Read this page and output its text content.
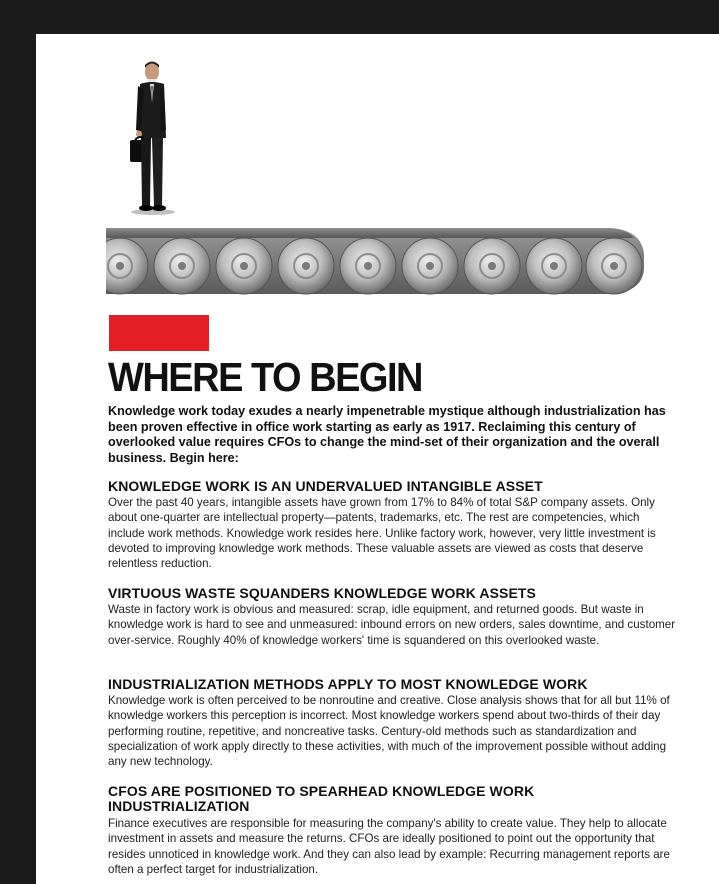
WHERE TO BEGIN

Knowledge work today exudes a nearly impenetrable mystique although industrialization has been proven effective in office work starting as early as 1917. Reclaiming this century of overlooked value requires CFOs to change the mind-set of their organization and the overall business. Begin here:

KNOWLEDGE WORK IS AN UNDERVALUED INTANGIBLE ASSET

Over the past 40 years, intangible assets have grown from 17% to 84% of total S&P company assets. Only about one-quarter are intellectual property—patents, trademarks, etc. The rest are competencies, which include work methods. Knowledge work resides here. Unlike factory work, however, very little investment is devoted to improving knowledge work methods. These valuable assets are viewed as costs that deserve relentless reduction.

VIRTUOUS WASTE SQUANDERS KNOWLEDGE WORK ASSETS

Waste in factory work is obvious and measured: scrap, idle equipment, and returned goods. But waste in knowledge work is hard to see and unmeasured: inbound errors on new orders, sales downtime, and customer over-service. Roughly 40% of knowledge workers' time is squandered on this overlooked waste.

INDUSTRIALIZATION METHODS APPLY TO MOST KNOWLEDGE WORK

Knowledge work is often perceived to be nonroutine and creative. Close analysis shows that for all but 11% of knowledge workers this perception is incorrect. Most knowledge workers spend about two-thirds of their day performing routine, repetitive, and noncreative tasks. Century-old methods such as standardization and specialization of work apply directly to these activities, with much of the improvement possible without adding any new technology.

CFOS ARE POSITIONED TO SPEARHEAD KNOWLEDGE WORK INDUSTRIALIZATION

Finance executives are responsible for measuring the company's ability to create value. They help to allocate investment in assets and measure the returns. CFOs are ideally positioned to point out the opportunity that resides unnoticed in knowledge work. And they can also lead by example: Recurring management reports are often a perfect target for industrialization.
